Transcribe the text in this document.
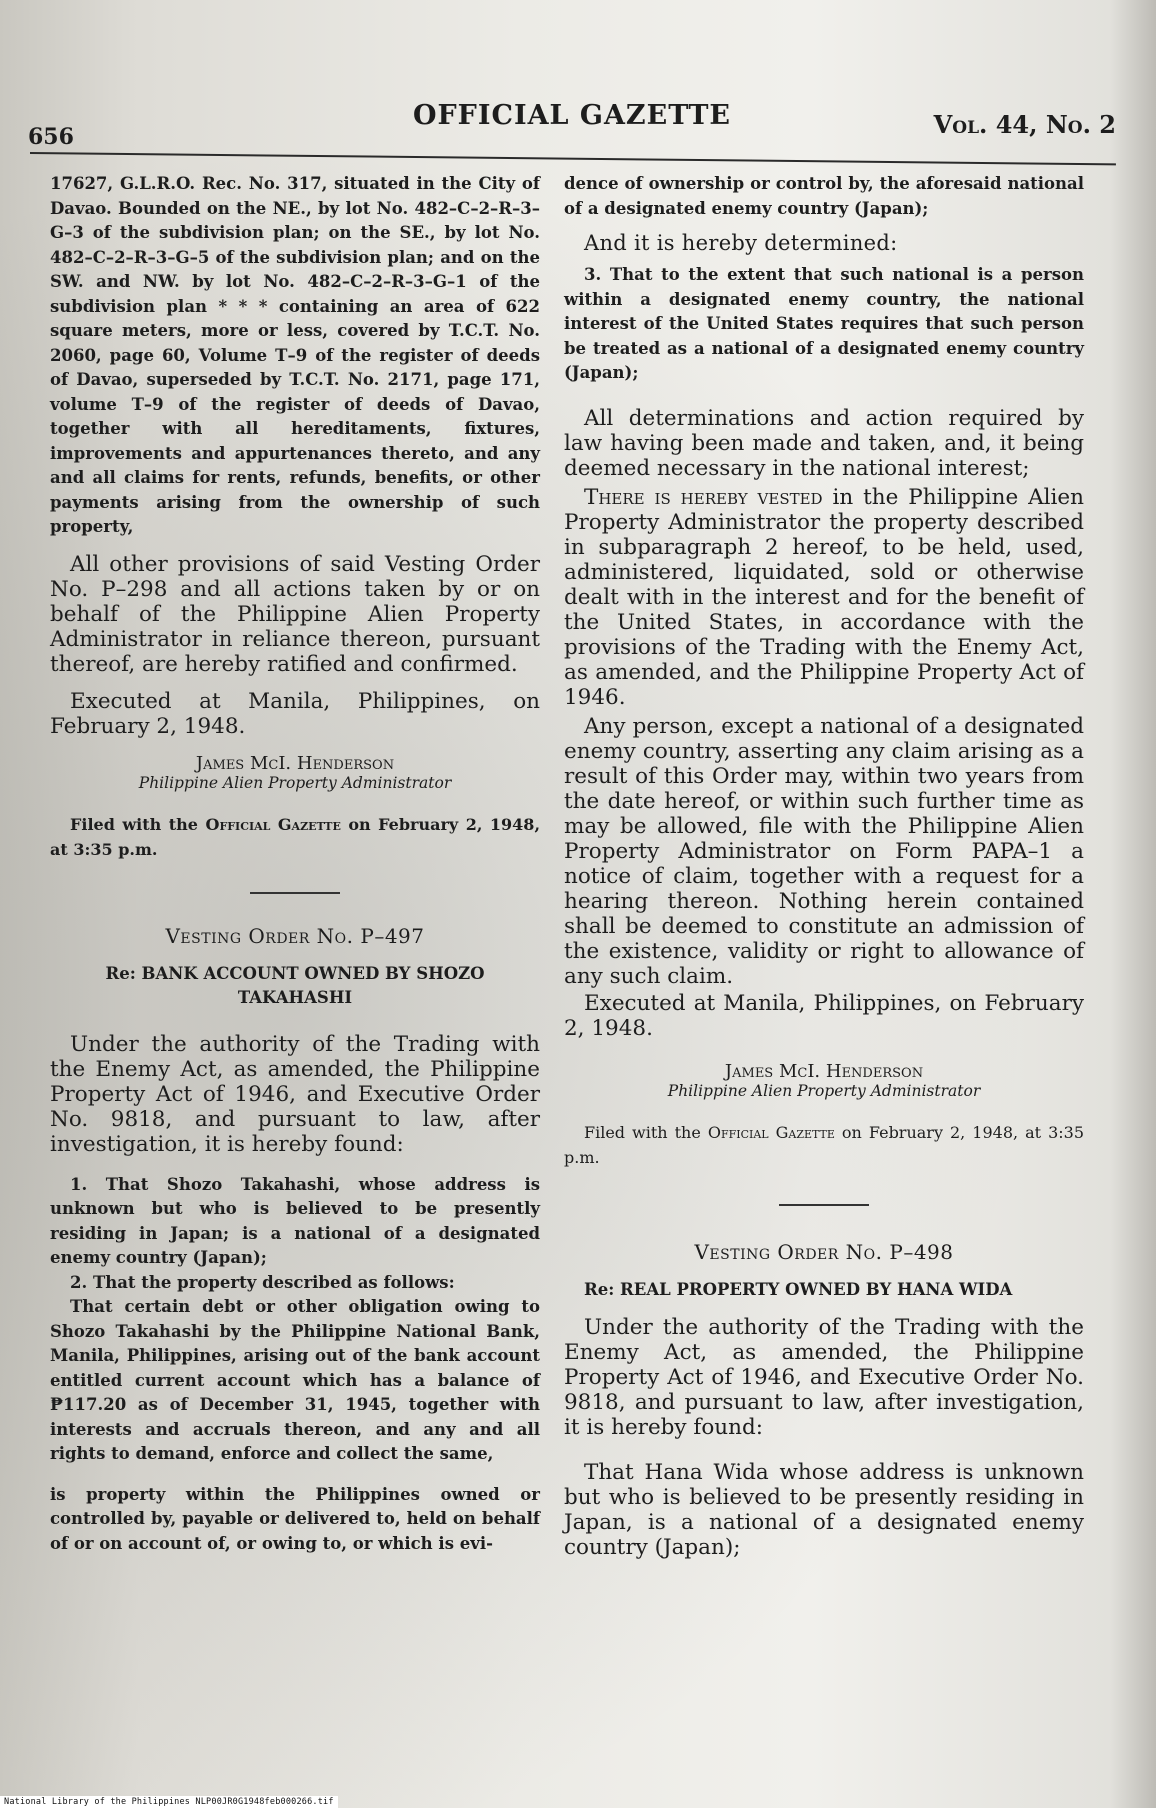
656
OFFICIAL GAZETTE	Vol. 44, No. 2

17627, G.L.R.O. Rec. No. 317, situated in the City of Davao. Bounded on the NE., by lot No. 482–C–2–R–3–G–3 of the subdivision plan; on the SE., by lot No. 482–C–2–R–3–G–5 of the subdivision plan; and on the SW. and NW. by lot No. 482–C–2–R–3–G–1 of the subdivision plan * * * containing an area of 622 square meters, more or less, covered by T.C.T. No. 2060, page 60, Volume T–9 of the register of deeds of Davao, superseded by T.C.T. No. 2171, page 171, volume T–9 of the register of deeds of Davao, together with all hereditaments, fixtures, improvements and appurtenances thereto, and any and all claims for rents, refunds, benefits, or other payments arising from the ownership of such property,

All other provisions of said Vesting Order No. P–298 and all actions taken by or on behalf of the Philippine Alien Property Administrator in reliance thereon, pursuant thereof, are hereby ratified and confirmed.

Executed at Manila, Philippines, on February 2, 1948.

James McI. Henderson

Philippine Alien Property Administrator

Filed with the Official Gazette on February 2, 1948, at 3:35 p.m.

Vesting Order No. P–497

Re: BANK ACCOUNT OWNED BY SHOZO TAKAHASHI

Under the authority of the Trading with the Enemy Act, as amended, the Philippine Property Act of 1946, and Executive Order No. 9818, and pursuant to law, after investigation, it is hereby found:

1. That Shozo Takahashi, whose address is unknown but who is believed to be presently residing in Japan; is a national of a designated enemy country (Japan);

2. That the property described as follows:

That certain debt or other obligation owing to Shozo Takahashi by the Philippine National Bank, Manila, Philippines, arising out of the bank account entitled current account which has a balance of ₱117.20 as of December 31, 1945, together with interests and accruals thereon, and any and all rights to demand, enforce and collect the same,

is property within the Philippines owned or controlled by, payable or delivered to, held on behalf of or on account of, or owing to, or which is evi-

dence of ownership or control by, the aforesaid national of a designated enemy country (Japan);

And it is hereby determined:

3. That to the extent that such national is a person within a designated enemy country, the national interest of the United States requires that such person be treated as a national of a designated enemy country (Japan);

All determinations and action required by law having been made and taken, and, it being deemed necessary in the national interest;

There is hereby vested in the Philippine Alien Property Administrator the property described in subparagraph 2 hereof, to be held, used, administered, liquidated, sold or otherwise dealt with in the interest and for the benefit of the United States, in accordance with the provisions of the Trading with the Enemy Act, as amended, and the Philippine Property Act of 1946.

Any person, except a national of a designated enemy country, asserting any claim arising as a result of this Order may, within two years from the date hereof, or within such further time as may be allowed, file with the Philippine Alien Property Administrator on Form PAPA–1 a notice of claim, together with a request for a hearing thereon. Nothing herein contained shall be deemed to constitute an admission of the existence, validity or right to allowance of any such claim.

Executed at Manila, Philippines, on February 2, 1948.

James McI. Henderson

Philippine Alien Property Administrator

Filed with the Official Gazette on February 2, 1948, at 3:35 p.m.

Vesting Order No. P–498

Re: REAL PROPERTY OWNED BY HANA WIDA

Under the authority of the Trading with the Enemy Act, as amended, the Philippine Property Act of 1946, and Executive Order No. 9818, and pursuant to law, after investigation, it is hereby found:

That Hana Wida whose address is unknown but who is believed to be presently residing in Japan, is a national of a designated enemy country (Japan);

National Library of the Philippines NLP00JR0G1948feb000266.tif
